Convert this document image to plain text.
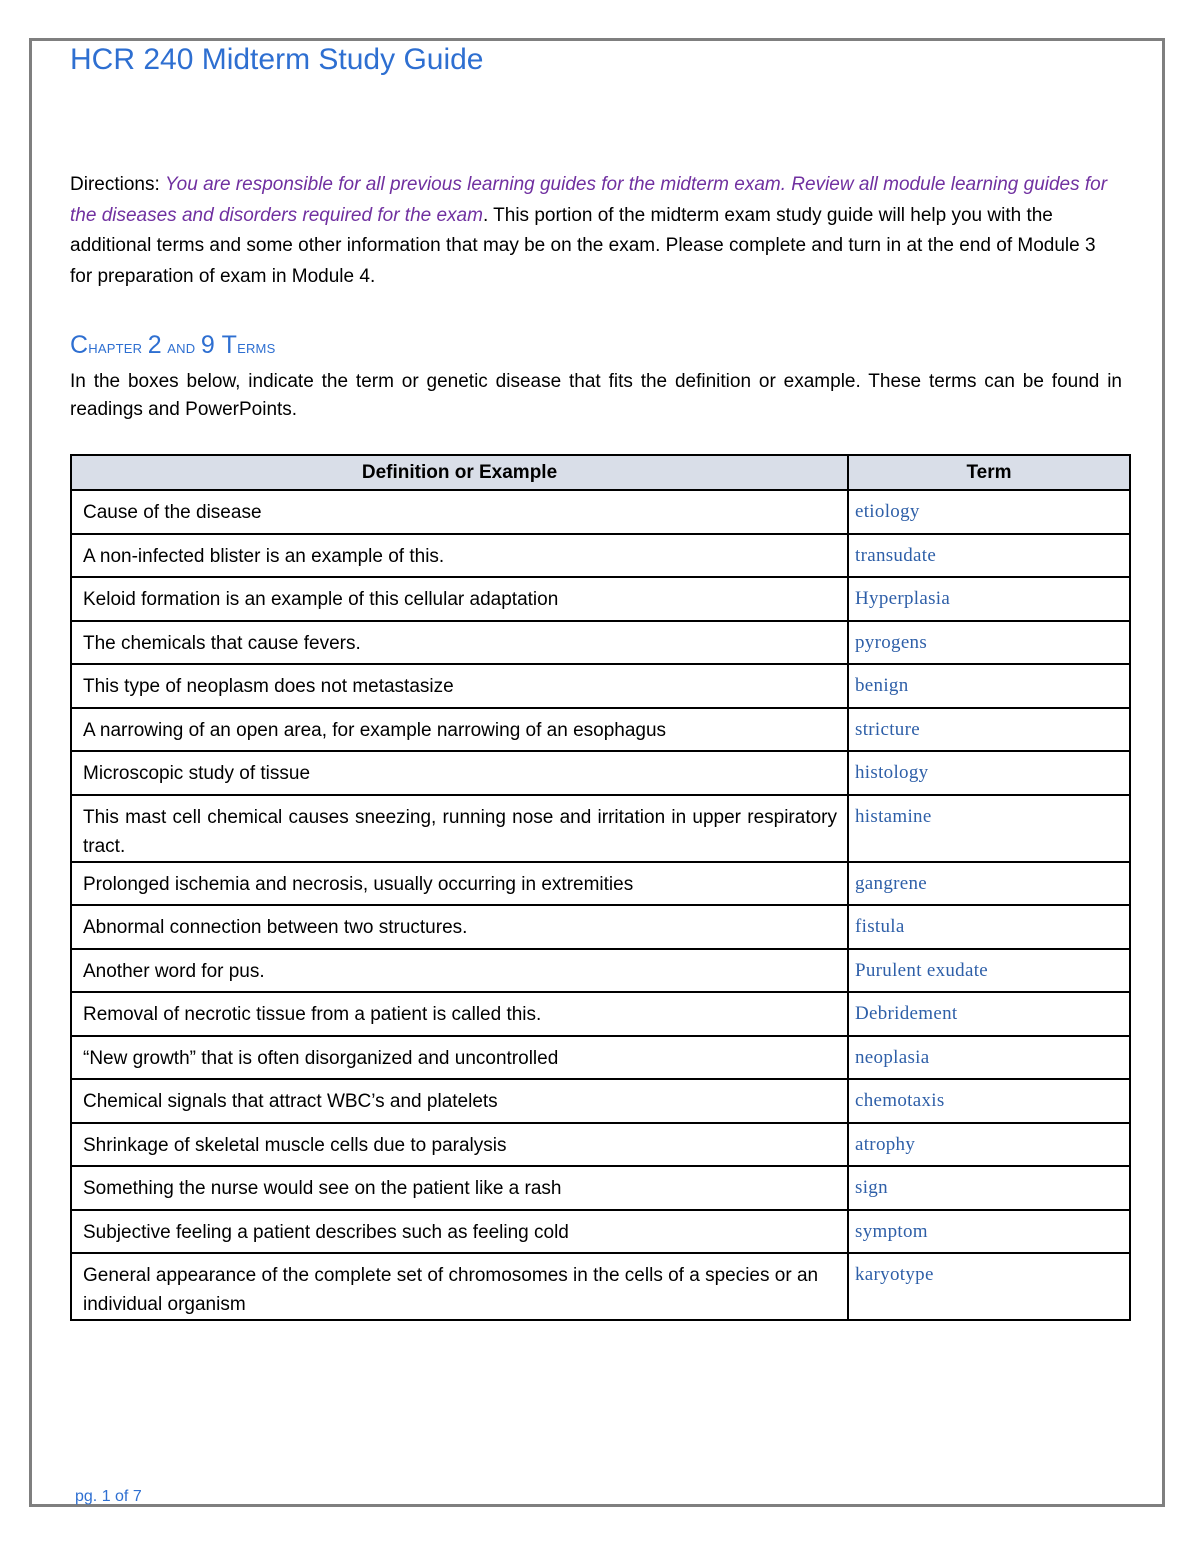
HCR 240 Midterm Study Guide

Directions: You are responsible for all previous learning guides for the midterm exam. Review all module learning guides for the diseases and disorders required for the exam. This portion of the midterm exam study guide will help you with the additional terms and some other information that may be on the exam. Please complete and turn in at the end of Module 3 for preparation of exam in Module 4.

Chapter 2 and 9 Terms

In the boxes below, indicate the term or genetic disease that fits the definition or example. These terms can be found in readings and PowerPoints.

Definition or Example	Term
Cause of the disease	etiology
A non-infected blister is an example of this.	transudate
Keloid formation is an example of this cellular adaptation	Hyperplasia
The chemicals that cause fevers.	pyrogens
This type of neoplasm does not metastasize	benign
A narrowing of an open area, for example narrowing of an esophagus	stricture
Microscopic study of tissue	histology
This mast cell chemical causes sneezing, running nose and irritation in upper respiratory tract.	histamine
Prolonged ischemia and necrosis, usually occurring in extremities	gangrene
Abnormal connection between two structures.	fistula
Another word for pus.	Purulent exudate
Removal of necrotic tissue from a patient is called this.	Debridement
“New growth” that is often disorganized and uncontrolled	neoplasia
Chemical signals that attract WBC’s and platelets	chemotaxis
Shrinkage of skeletal muscle cells due to paralysis	atrophy
Something the nurse would see on the patient like a rash	sign
Subjective feeling a patient describes such as feeling cold	symptom
General appearance of the complete set of chromosomes in the cells of a species or an individual organism	karyotype
pg. 1 of 7
